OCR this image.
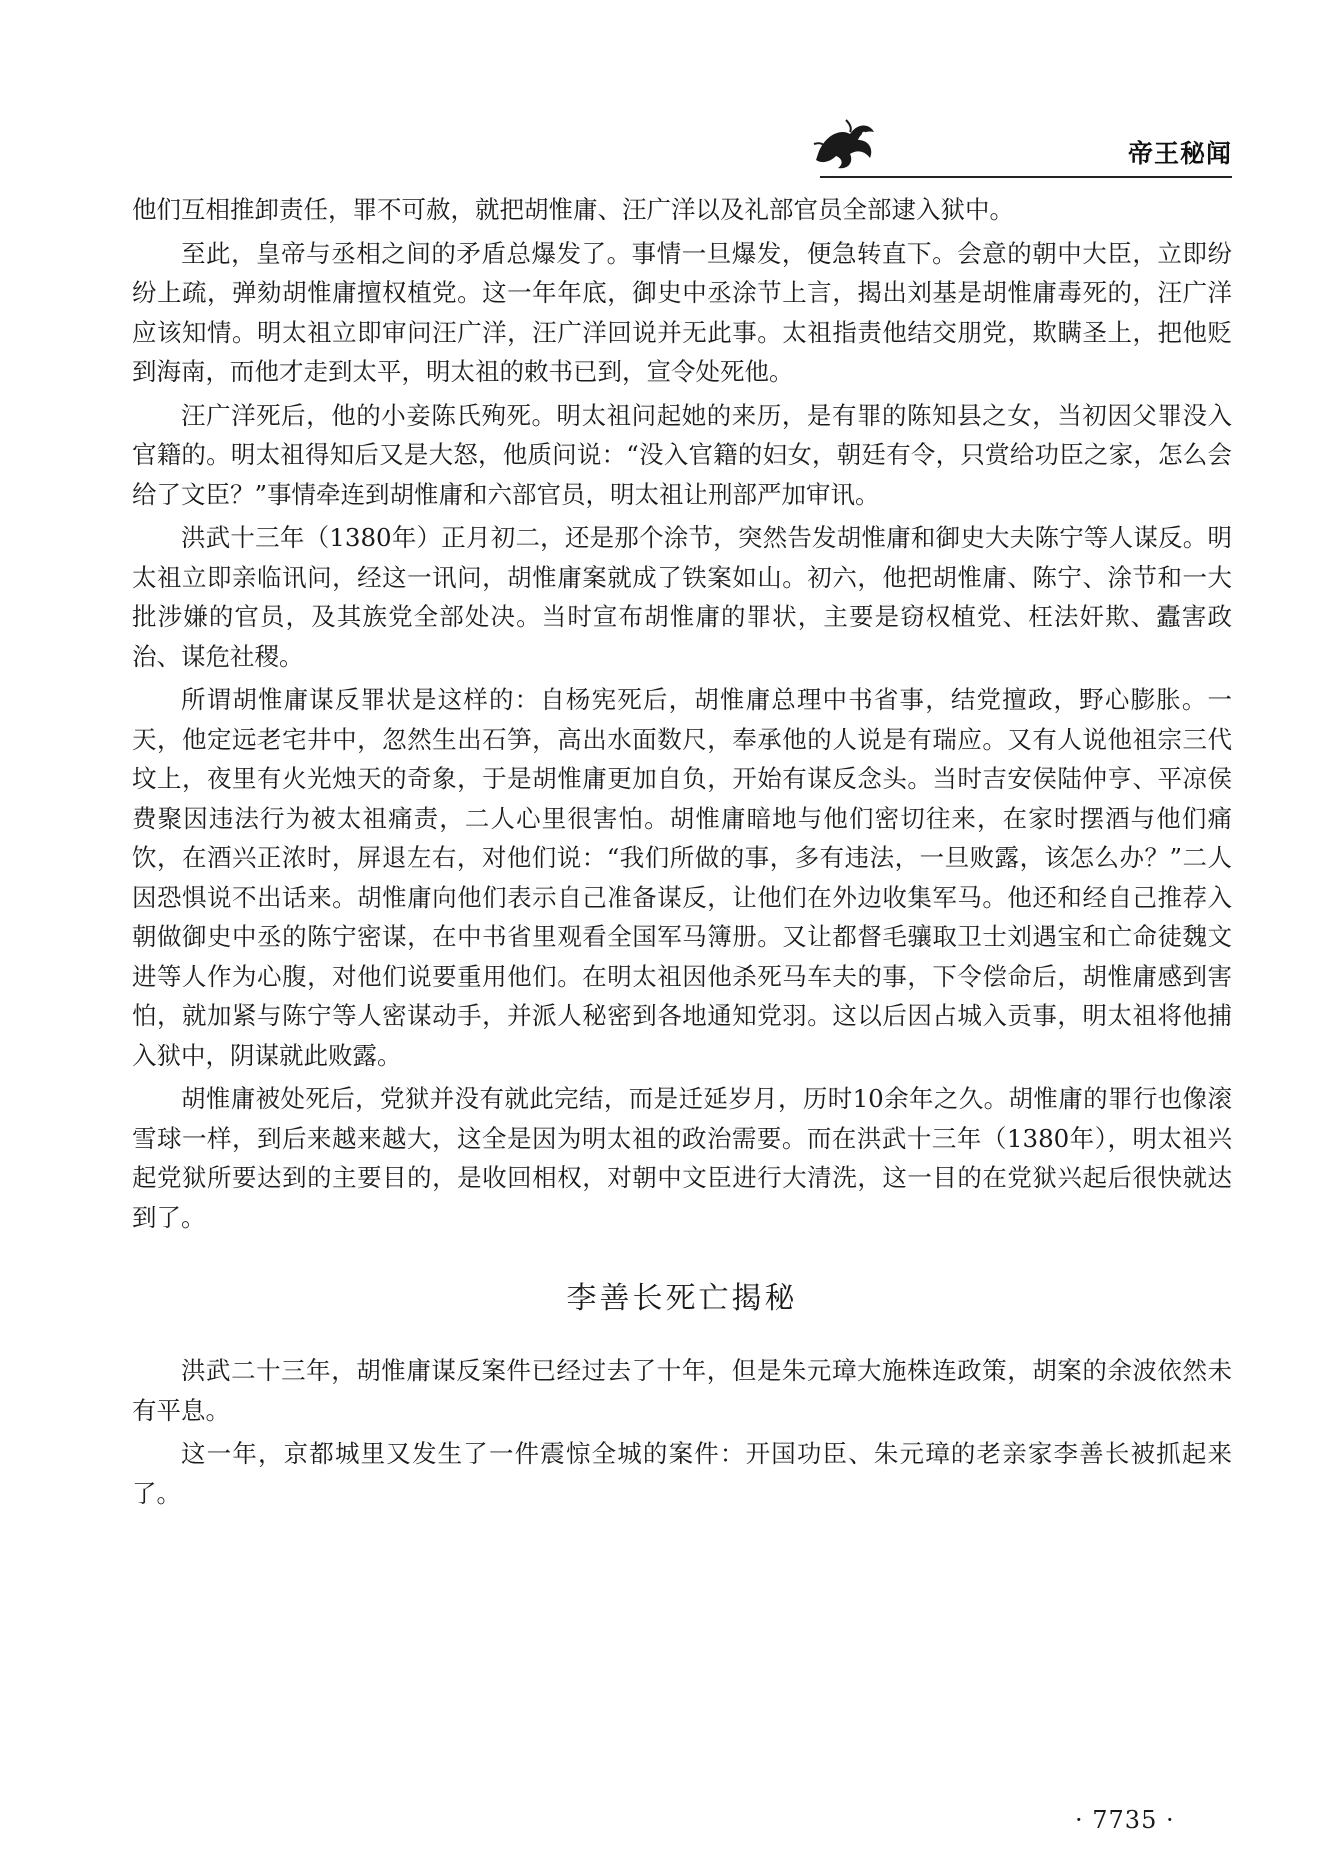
帝王秘闻

他们互相推卸责任，罪不可赦，就把胡惟庸、汪广洋以及礼部官员全部逮入狱中。

至此，皇帝与丞相之间的矛盾总爆发了。事情一旦爆发，便急转直下。会意的朝中大臣，立即纷纷上疏，弹劾胡惟庸擅权植党。这一年年底，御史中丞涂节上言，揭出刘基是胡惟庸毒死的，汪广洋应该知情。明太祖立即审问汪广洋，汪广洋回说并无此事。太祖指责他结交朋党，欺瞒圣上，把他贬到海南，而他才走到太平，明太祖的敕书已到，宣令处死他。

汪广洋死后，他的小妾陈氏殉死。明太祖问起她的来历，是有罪的陈知县之女，当初因父罪没入官籍的。明太祖得知后又是大怒，他质问说：“没入官籍的妇女，朝廷有令，只赏给功臣之家，怎么会给了文臣？”事情牵连到胡惟庸和六部官员，明太祖让刑部严加审讯。

洪武十三年（1380年）正月初二，还是那个涂节，突然告发胡惟庸和御史大夫陈宁等人谋反。明太祖立即亲临讯问，经这一讯问，胡惟庸案就成了铁案如山。初六，他把胡惟庸、陈宁、涂节和一大批涉嫌的官员，及其族党全部处决。当时宣布胡惟庸的罪状，主要是窃权植党、枉法奸欺、蠹害政治、谋危社稷。

所谓胡惟庸谋反罪状是这样的：自杨宪死后，胡惟庸总理中书省事，结党擅政，野心膨胀。一天，他定远老宅井中，忽然生出石笋，高出水面数尺，奉承他的人说是有瑞应。又有人说他祖宗三代坟上，夜里有火光烛天的奇象，于是胡惟庸更加自负，开始有谋反念头。当时吉安侯陆仲亨、平凉侯费聚因违法行为被太祖痛责，二人心里很害怕。胡惟庸暗地与他们密切往来，在家时摆酒与他们痛饮，在酒兴正浓时，屏退左右，对他们说：“我们所做的事，多有违法，一旦败露，该怎么办？”二人因恐惧说不出话来。胡惟庸向他们表示自己准备谋反，让他们在外边收集军马。他还和经自己推荐入朝做御史中丞的陈宁密谋，在中书省里观看全国军马簿册。又让都督毛骧取卫士刘遇宝和亡命徒魏文进等人作为心腹，对他们说要重用他们。在明太祖因他杀死马车夫的事，下令偿命后，胡惟庸感到害怕，就加紧与陈宁等人密谋动手，并派人秘密到各地通知党羽。这以后因占城入贡事，明太祖将他捕入狱中，阴谋就此败露。

胡惟庸被处死后，党狱并没有就此完结，而是迁延岁月，历时10余年之久。胡惟庸的罪行也像滚雪球一样，到后来越来越大，这全是因为明太祖的政治需要。而在洪武十三年（1380年），明太祖兴起党狱所要达到的主要目的，是收回相权，对朝中文臣进行大清洗，这一目的在党狱兴起后很快就达到了。

李善长死亡揭秘

洪武二十三年，胡惟庸谋反案件已经过去了十年，但是朱元璋大施株连政策，胡案的余波依然未有平息。

这一年，京都城里又发生了一件震惊全城的案件：开国功臣、朱元璋的老亲家李善长被抓起来了。

· 7735 ·
